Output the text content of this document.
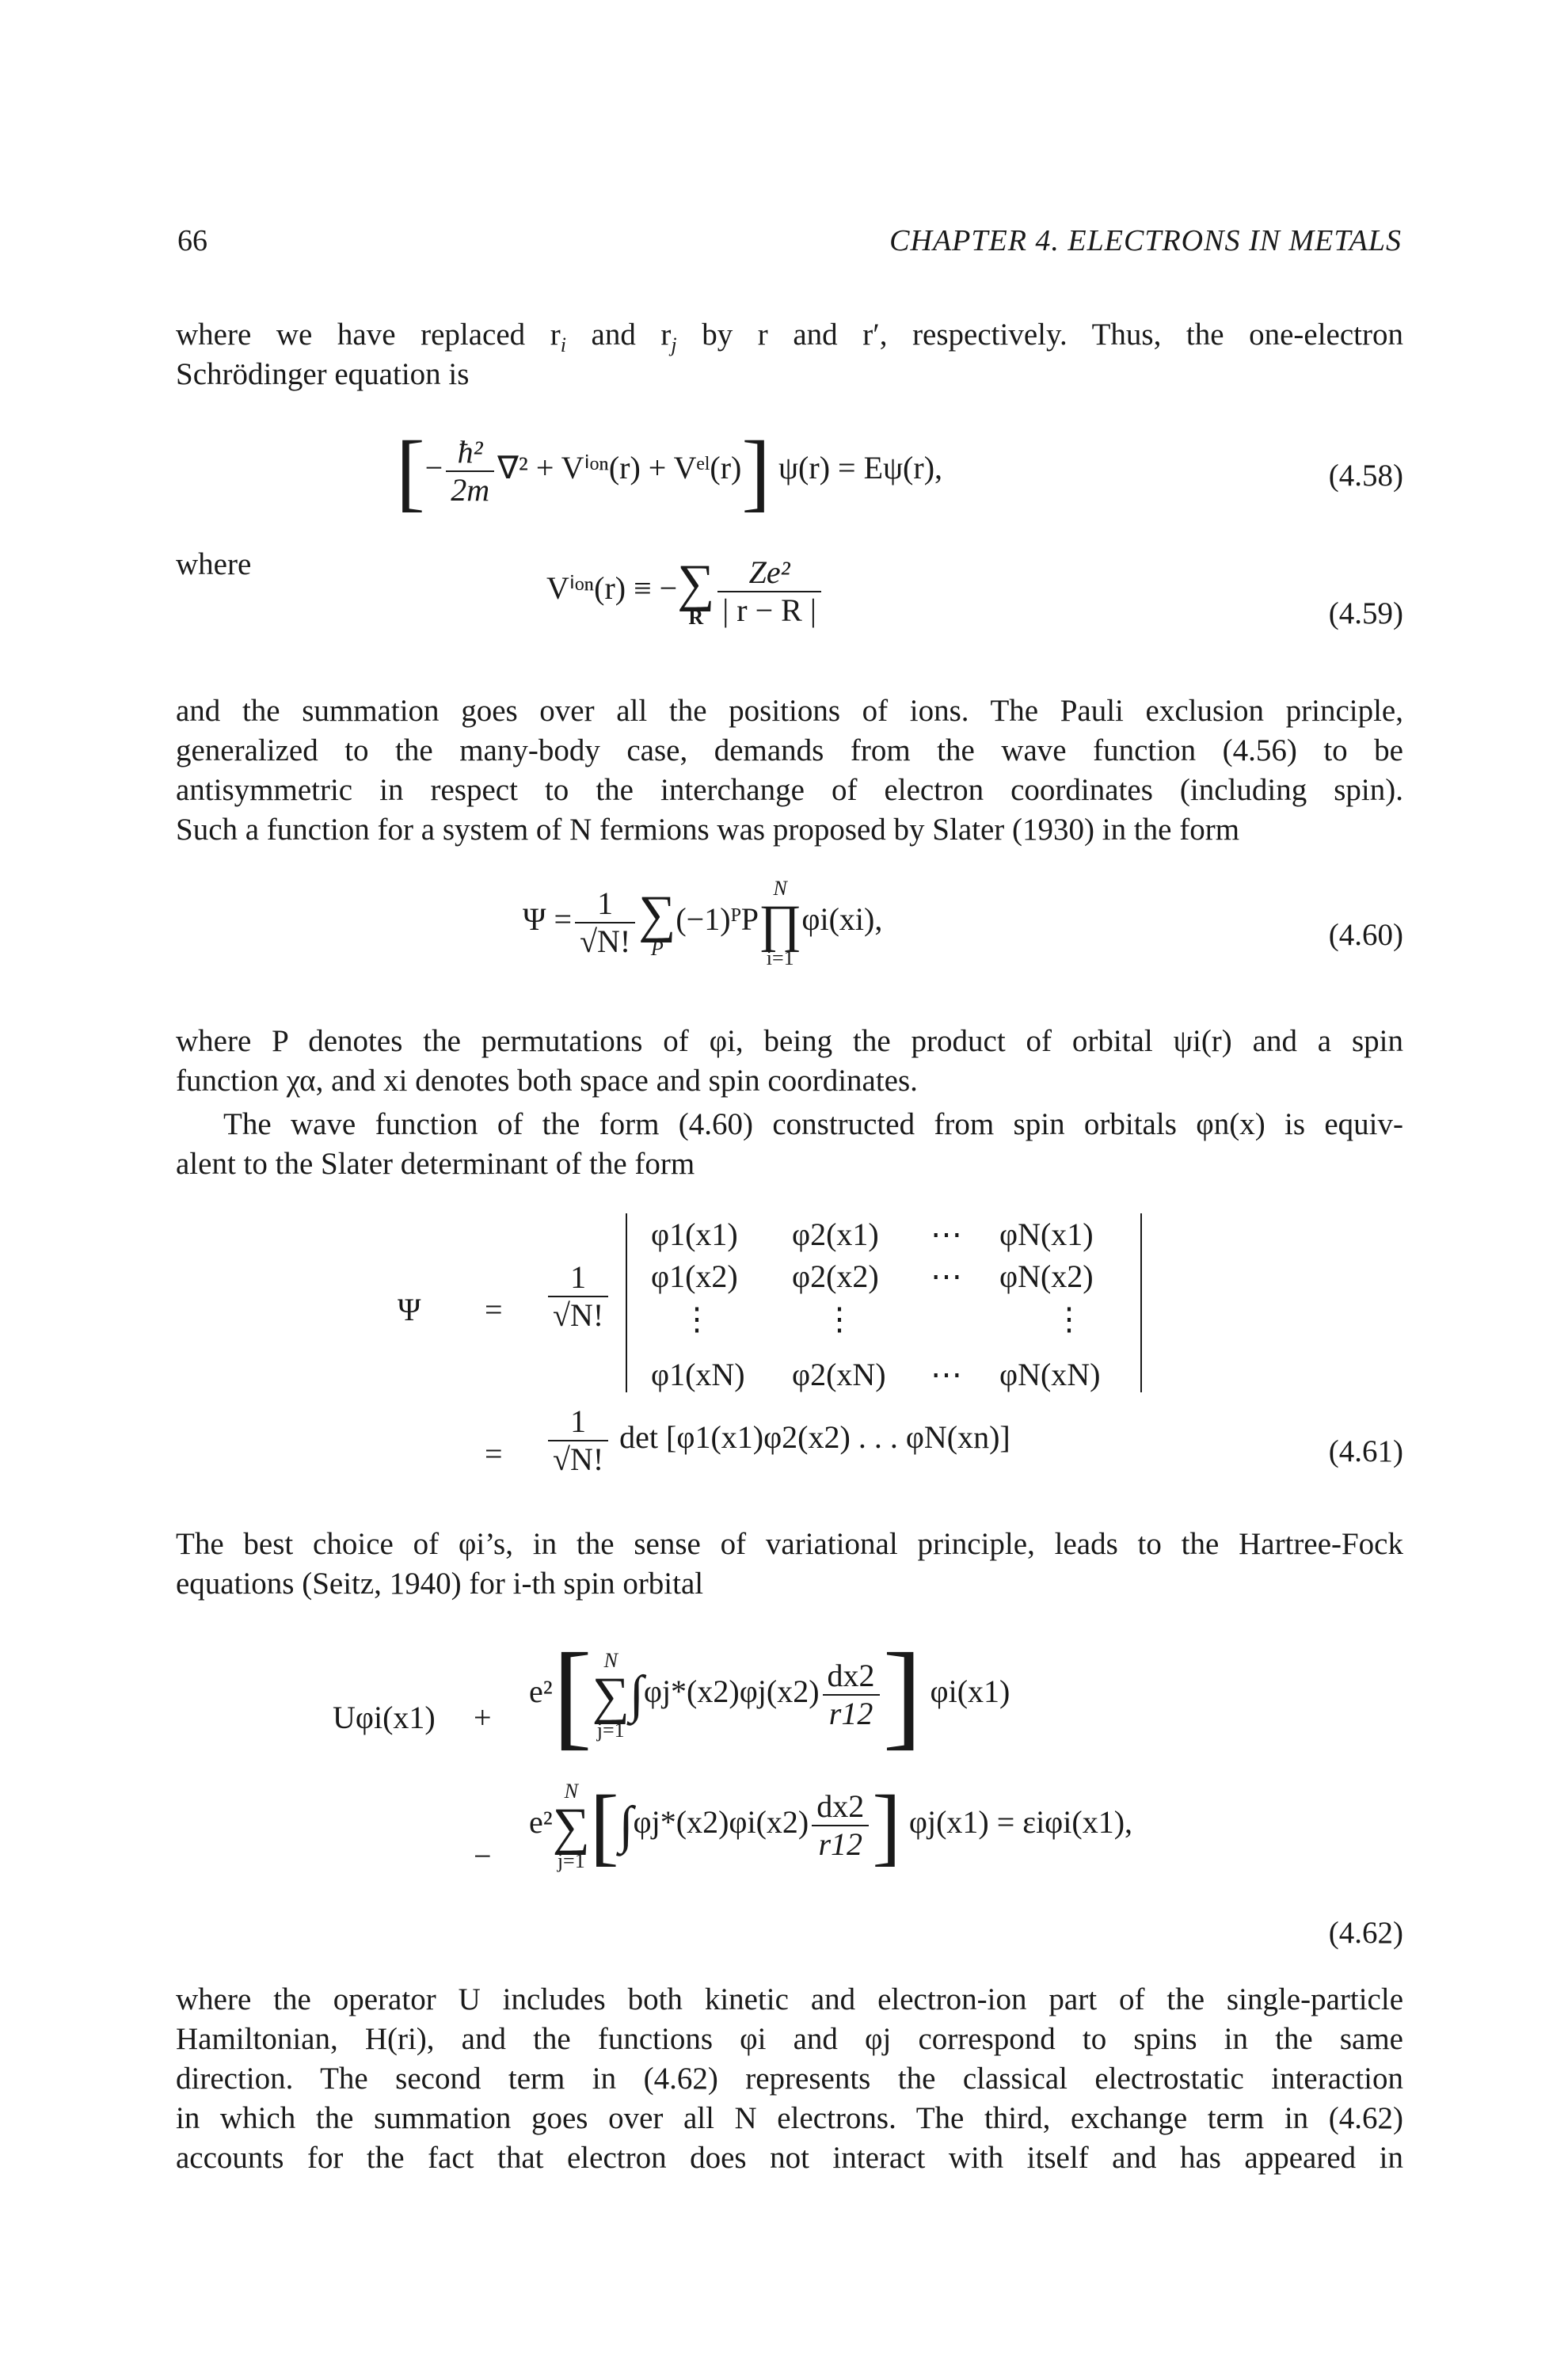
66	CHAPTER 4. ELECTRONS IN METALS
where we have replaced $r_i$ and $r_j$ by r and r′, respectively. Thus, the one-electron
Schrödinger equation is
[− $\frac{\text{ħ²}}{2m} \nabla^2$ + Vⁱᵒⁿ(r) + Vᵉˡ(r)] ψ(r) = Eψ(r),	(4.58)
where
Vⁱᵒⁿ(r) ≡ − ∑
R $\frac{\text{Ze²}}{| r - R |}$	(4.59)
and the summation goes over all the positions of ions. The Pauli exclusion principle,
generalized to the many-body case, demands from the wave function (4.56) to be
antisymmetric in respect to the interchange of electron coordinates (including spin).
Such a function for a system of N fermions was proposed by Slater (1930) in the form
$\Psi = \frac{1}{√N!}$ ∑
P
(−1)ᴾP
N
∏
i=1
φi(xi),	(4.60)
where P denotes the permutations of φi, being the product of orbital ψi(r) and a spin
function χα, and xi denotes both space and spin coordinates.
The wave function of the form (4.60) constructed from spin orbitals φn(x) is equiv-
alent to the Slater determinant of the form
$\Psi = \frac{1}{√N!}$
φ1(x1) φ2(x1) ⋯ φN(x1)
φ1(x2) φ2(x2) ⋯ φN(x2)
⋮	⋮	⋮
φ1(xN) φ2(xN) ⋯ φN(xN)
= $\frac{1}{√N!}$ det [φ1(x1)φ2(x2) . . . φN(xn)]	(4.61)
The best choice of φi’s, in the sense of variational principle, leads to the Hartree-Fock
equations (Seitz, 1940) for i-th spin orbital
Uφi(x1) +
e²[ N
∑
j=1
$\int\varphi j*(x2)\varphi j(x2) \frac{dx2}{r12}$ ] φi(x1)
−
e²
N
∑
j=1 [$\int\varphi j*(x2)\varphi i(x2) \frac{dx2}{r12}$ ] φj(x1) = εiφi(x1),
(4.62)
where the operator U includes both kinetic and electron-ion part of the single-particle
Hamiltonian, H(ri), and the functions φi and φj correspond to spins in the same
direction. The second term in (4.62) represents the classical electrostatic interaction
in which the summation goes over all N electrons. The third, exchange term in (4.62)
accounts for the fact that electron does not interact with itself and has appeared in
